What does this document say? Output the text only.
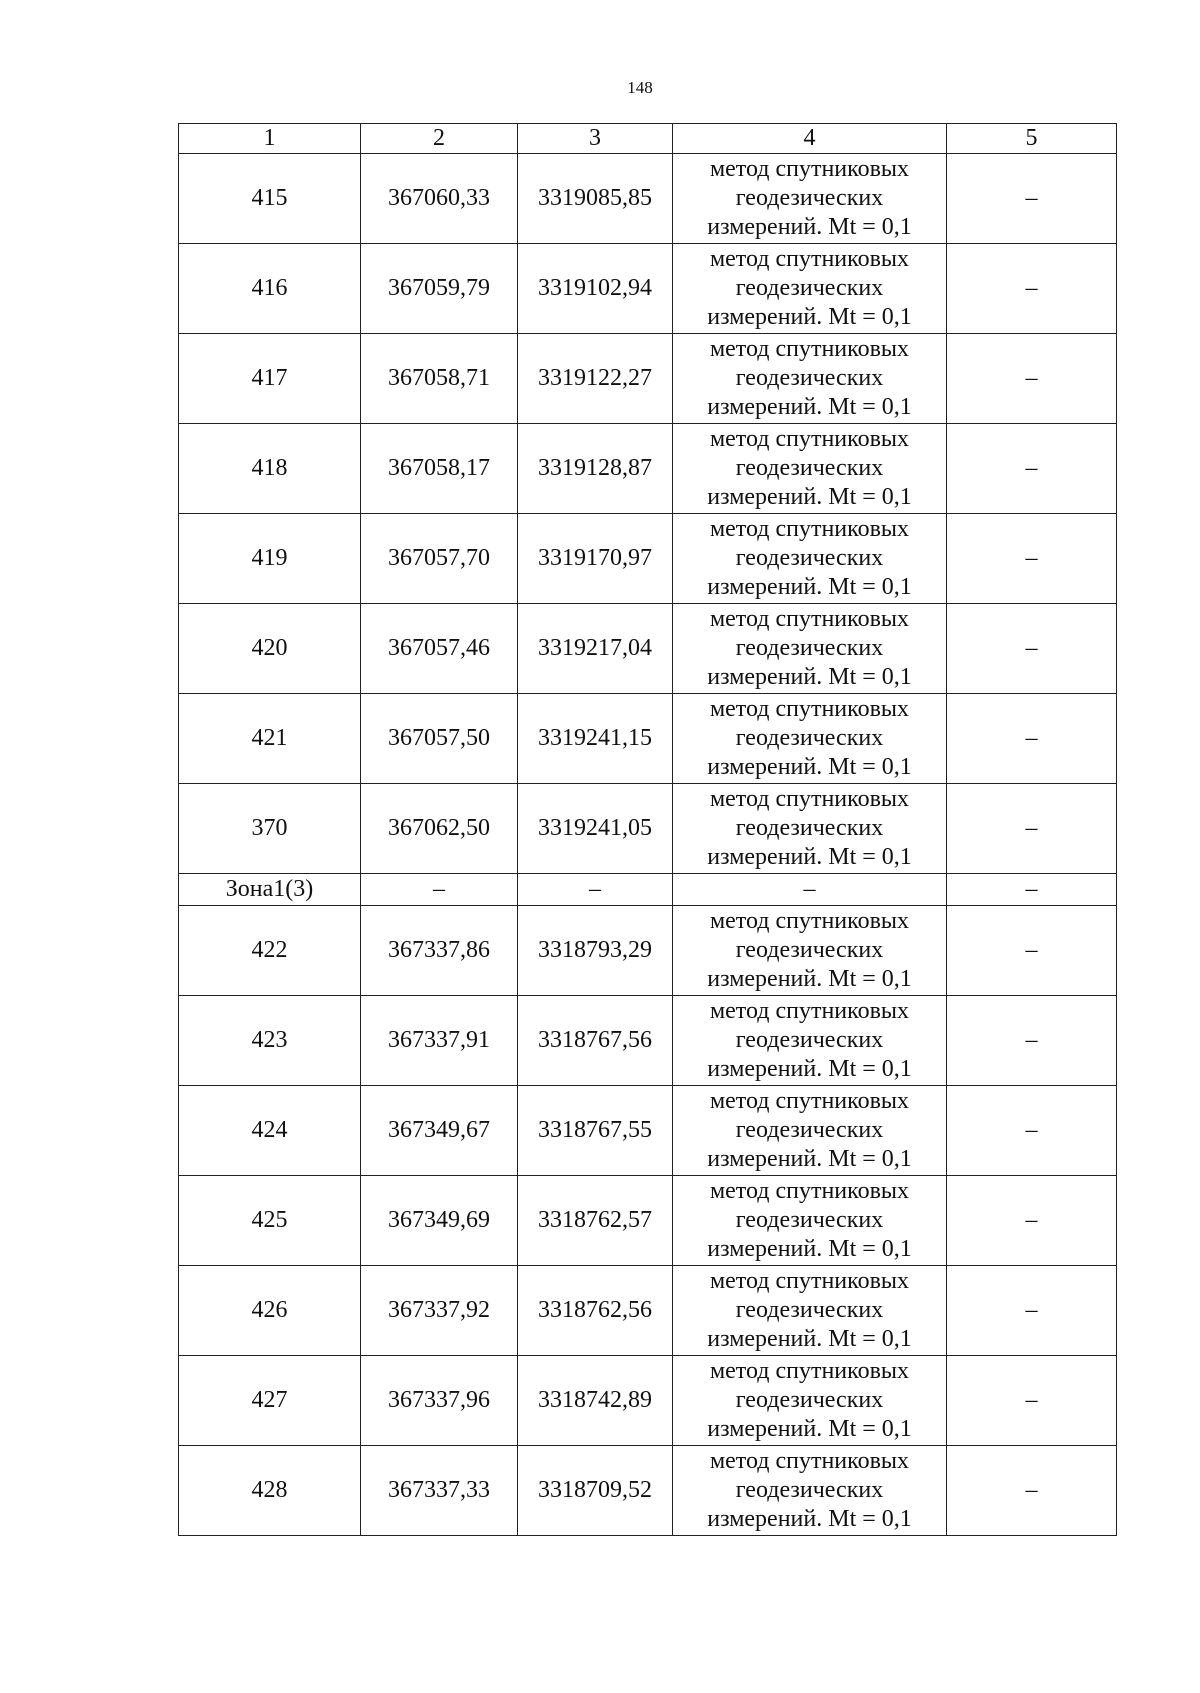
148
1	2	3	4	5
415	367060,33	3319085,85	метод спутниковых
геодезических
измерений. Mt = 0,1	–
416	367059,79	3319102,94	метод спутниковых
геодезических
измерений. Mt = 0,1	–
417	367058,71	3319122,27	метод спутниковых
геодезических
измерений. Mt = 0,1	–
418	367058,17	3319128,87	метод спутниковых
геодезических
измерений. Mt = 0,1	–
419	367057,70	3319170,97	метод спутниковых
геодезических
измерений. Mt = 0,1	–
420	367057,46	3319217,04	метод спутниковых
геодезических
измерений. Mt = 0,1	–
421	367057,50	3319241,15	метод спутниковых
геодезических
измерений. Mt = 0,1	–
370	367062,50	3319241,05	метод спутниковых
геодезических
измерений. Mt = 0,1	–
Зона1(3)	–	–	–	–
422	367337,86	3318793,29	метод спутниковых
геодезических
измерений. Mt = 0,1	–
423	367337,91	3318767,56	метод спутниковых
геодезических
измерений. Mt = 0,1	–
424	367349,67	3318767,55	метод спутниковых
геодезических
измерений. Mt = 0,1	–
425	367349,69	3318762,57	метод спутниковых
геодезических
измерений. Mt = 0,1	–
426	367337,92	3318762,56	метод спутниковых
геодезических
измерений. Mt = 0,1	–
427	367337,96	3318742,89	метод спутниковых
геодезических
измерений. Mt = 0,1	–
428	367337,33	3318709,52	метод спутниковых
геодезических
измерений. Mt = 0,1	–
